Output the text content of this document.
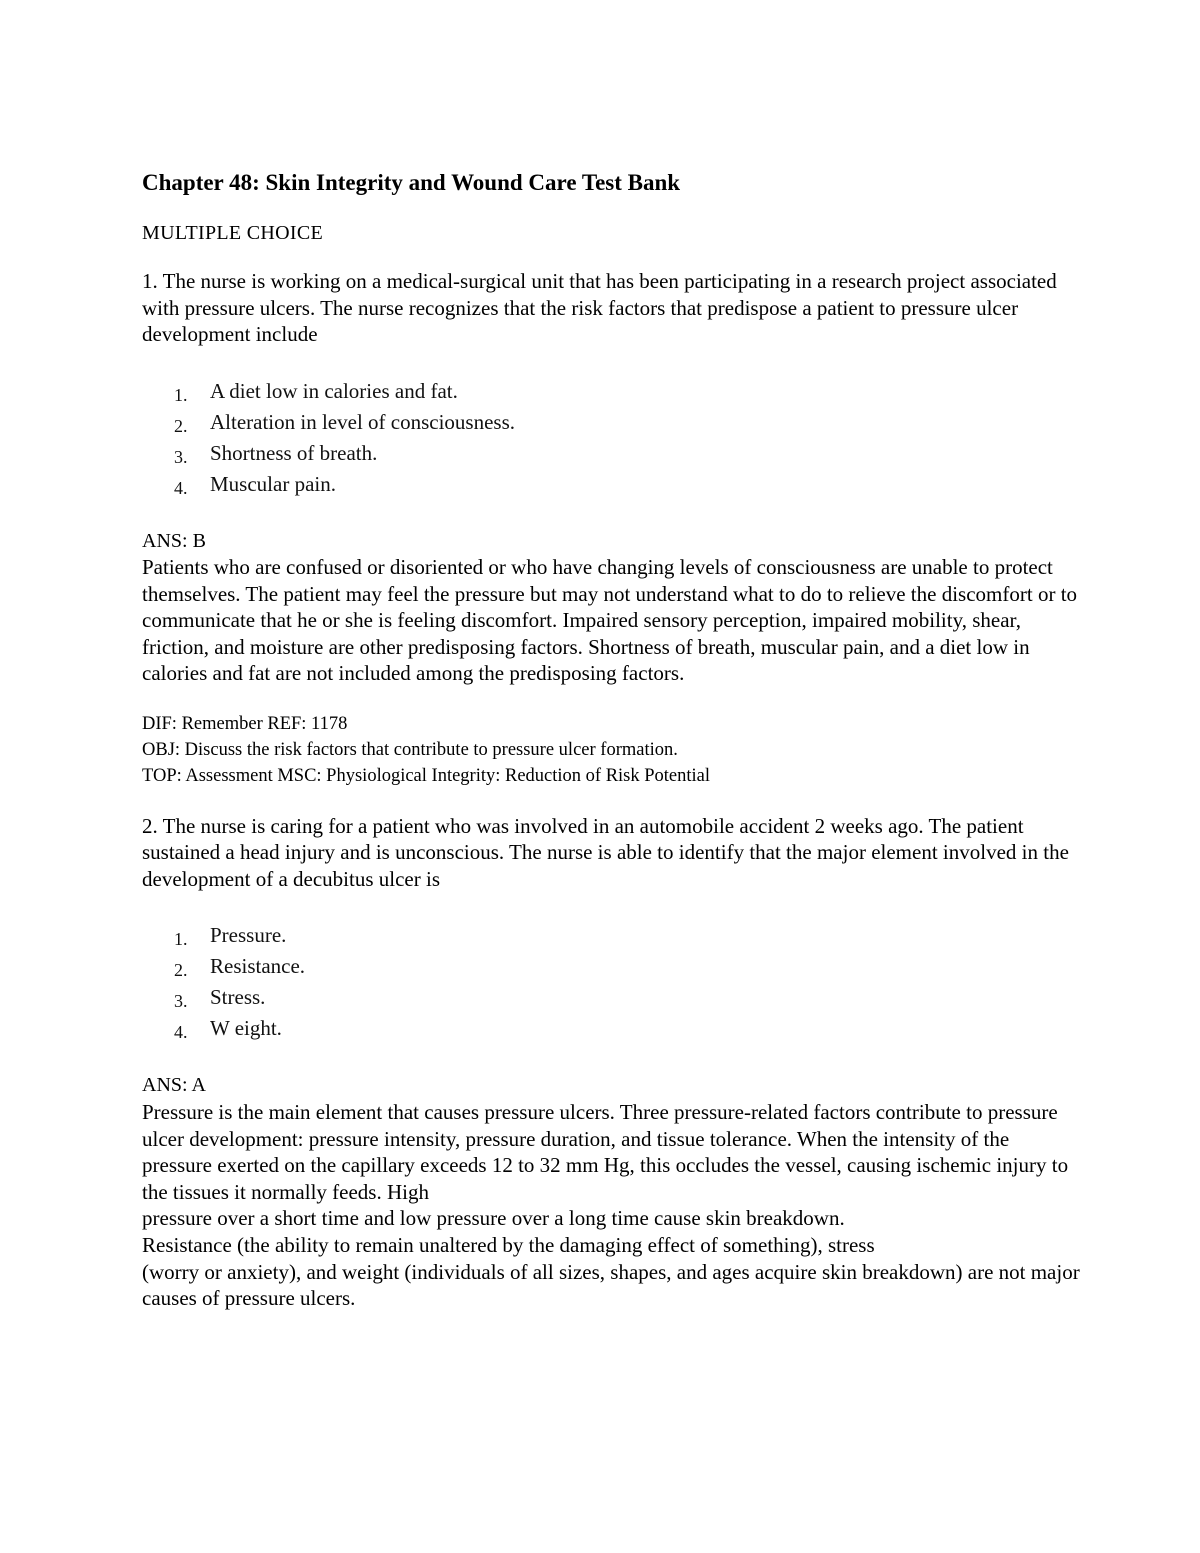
Chapter 48: Skin Integrity and Wound Care Test Bank
MULTIPLE CHOICE

1. The nurse is working on a medical-surgical unit that has been participating in a research project associated with pressure ulcers. The nurse recognizes that the risk factors that predispose a patient to pressure ulcer development include

1.	A diet low in calories and fat.
2.	Alteration in level of consciousness.
3.	Shortness of breath.
4.	Muscular pain.

ANS: B

Patients who are confused or disoriented or who have changing levels of consciousness are unable to protect themselves. The patient may feel the pressure but may not understand what to do to relieve the discomfort or to communicate that he or she is feeling discomfort. Impaired sensory perception, impaired mobility, shear, friction, and moisture are other predisposing factors. Shortness of breath, muscular pain, and a diet low in calories and fat are not included among the predisposing factors.

DIF: Remember REF: 1178
OBJ: Discuss the risk factors that contribute to pressure ulcer formation.
TOP: Assessment MSC: Physiological Integrity: Reduction of Risk Potential

2. The nurse is caring for a patient who was involved in an automobile accident 2 weeks ago. The patient sustained a head injury and is unconscious. The nurse is able to identify that the major element involved in the development of a decubitus ulcer is

1.	Pressure.
2.	Resistance.
3.	Stress.
4.	W eight.

ANS: A

Pressure is the main element that causes pressure ulcers. Three pressure-related factors contribute to pressure ulcer development: pressure intensity, pressure duration, and tissue tolerance. When the intensity of the pressure exerted on the capillary exceeds 12 to 32 mm Hg, this occludes the vessel, causing ischemic injury to the tissues it normally feeds. High
pressure over a short time and low pressure over a long time cause skin breakdown.
Resistance (the ability to remain unaltered by the damaging effect of something), stress
(worry or anxiety), and weight (individuals of all sizes, shapes, and ages acquire skin breakdown) are not major causes of pressure ulcers.
